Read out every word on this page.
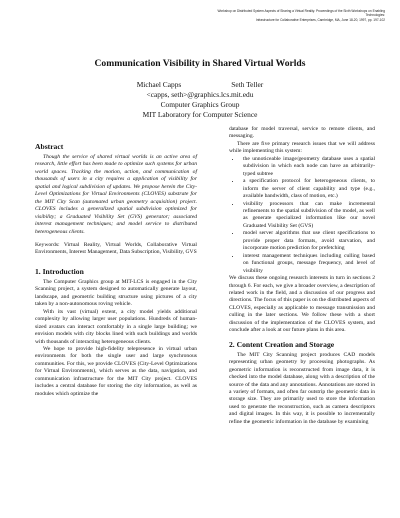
Workshop on Distributed System Aspects of Sharing a Virtual Reality. Proceedings of the Sixth Workshops on Enabling Technologies:
Infrastructure for Collaborative Enterprises, Cambridge, MA, June 18-20, 1997, pp. 197-102
Communication Visibility in Shared Virtual Worlds
Michael Capps	Seth Teller
<capps, seth>@graphics.lcs.mit.edu
Computer Graphics Group
MIT Laboratory for Computer Science
Abstract

Though the service of shared virtual worlds is an active area of research, little effort has been made to optimize such systems for urban world spaces. Tracking the motion, action, and communication of thousands of users in a city requires a application of visibility for spatial and logical subdivision of updates. We propose herein the City-Level Optimizations for Virtual Environments (CLOVES) substrate for the MIT City Scan (automated urban geometry acquisition) project. CLOVES includes a generalized spatial subdivision optimized for visibility; a Graduated Visibility Set (GVS) generator; associated interest management techniques; and model service to distributed heterogeneous clients.

Keywords: Virtual Reality, Virtual Worlds, Collaborative Virtual Environments, Interest Management, Data Subscription, Visibility, GVS

1. Introduction

The Computer Graphics group at MIT-LCS is engaged in the City Scanning project, a system designed to automatically generate layout, landscape, and geometric building structure using pictures of a city taken by a non-autonomous roving vehicle.

With its vast (virtual) extent, a city model yields additional complexity by allowing larger user populations. Hundreds of human-sized avatars can interact comfortably in a single large building; we envision models with city blocks lined with such buildings and worlds with thousands of interacting heterogeneous clients.

We hope to provide high-fidelity telepresence in virtual urban environments for both the single user and large synchronous communities. For this, we provide CLOVES (City-Level Optimizations for Virtual Environments), which serves as the data, navigation, and communication infrastructure for the MIT City project. CLOVES includes a central database for storing the city information, as well as modules which optimize the

database for model traversal, service to remote clients, and messaging.

There are five primary research issues that we will address while implementing this system:

• the unnoticeable image/geometry database uses a spatial subdivision in which each node can have an arbitrarily-typed subtree
• a specification protocol for heterogeneous clients, to inform the server of client capability and type (e.g., available bandwidth, class of motion, etc.)
• visibility processors that can make incremental refinements to the spatial subdivision of the model, as well as generate specialized information like our novel Graduated Visibility Set (GVS)
• model server algorithms that use client specifications to provide proper data formats, avoid starvation, and incorporate motion prediction for prefetching
• interest management techniques including culling based on functional groups, message frequency, and level of visibility

We discuss these ongoing research interests in turn in sections 2 through 6. For each, we give a broader overview, a description of related work in the field, and a discussion of our progress and directions. The focus of this paper is on the distributed aspects of CLOVES, especially as applicable to message transmission and culling in the later sections. We follow these with a short discussion of the implementation of the CLOVES system, and conclude after a look at our future plans in this area.

2. Content Creation and Storage

The MIT City Scanning project produces CAD models representing urban geometry by processing photographs. As geometric information is reconstructed from image data, it is checked into the model database, along with a description of the source of the data and any annotations. Annotations are stored in a variety of formats, and often far outstrip the geometric data in storage size. They are primarily used to store the information used to generate the reconstruction, such as camera descriptors and digital images. In this way, it is possible to incrementally refine the geometric information in the database by examining
